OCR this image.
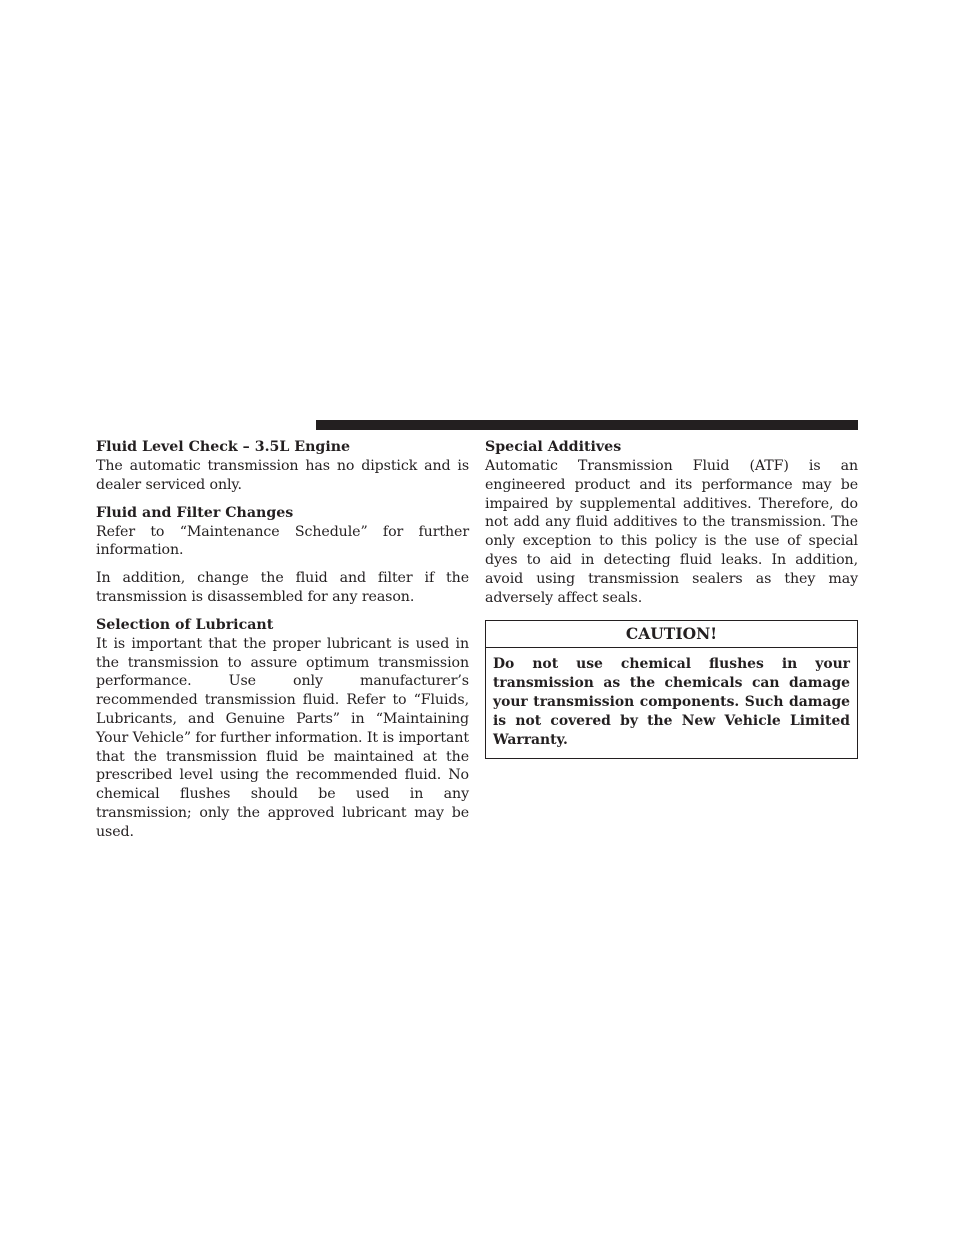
Fluid Level Check – 3.5L Engine

The automatic transmission has no dipstick and is dealer serviced only.

Fluid and Filter Changes

Refer to “Maintenance Schedule” for further information.

In addition, change the fluid and filter if the transmission is disassembled for any reason.

Selection of Lubricant

It is important that the proper lubricant is used in the transmission to assure optimum transmission performance. Use only manufacturer’s recommended transmission fluid. Refer to “Fluids, Lubricants, and Genuine Parts” in “Maintaining Your Vehicle” for further information. It is important that the transmission fluid be maintained at the prescribed level using the recommended fluid. No chemical flushes should be used in any transmission; only the approved lubricant may be used.

Special Additives

Automatic Transmission Fluid (ATF) is an engineered product and its performance may be impaired by supplemental additives. Therefore, do not add any fluid additives to the transmission. The only exception to this policy is the use of special dyes to aid in detecting fluid leaks. In addition, avoid using transmission sealers as they may adversely affect seals.

CAUTION!
Do not use chemical flushes in your transmission as the chemicals can damage your transmission components. Such damage is not covered by the New Vehicle Limited Warranty.
